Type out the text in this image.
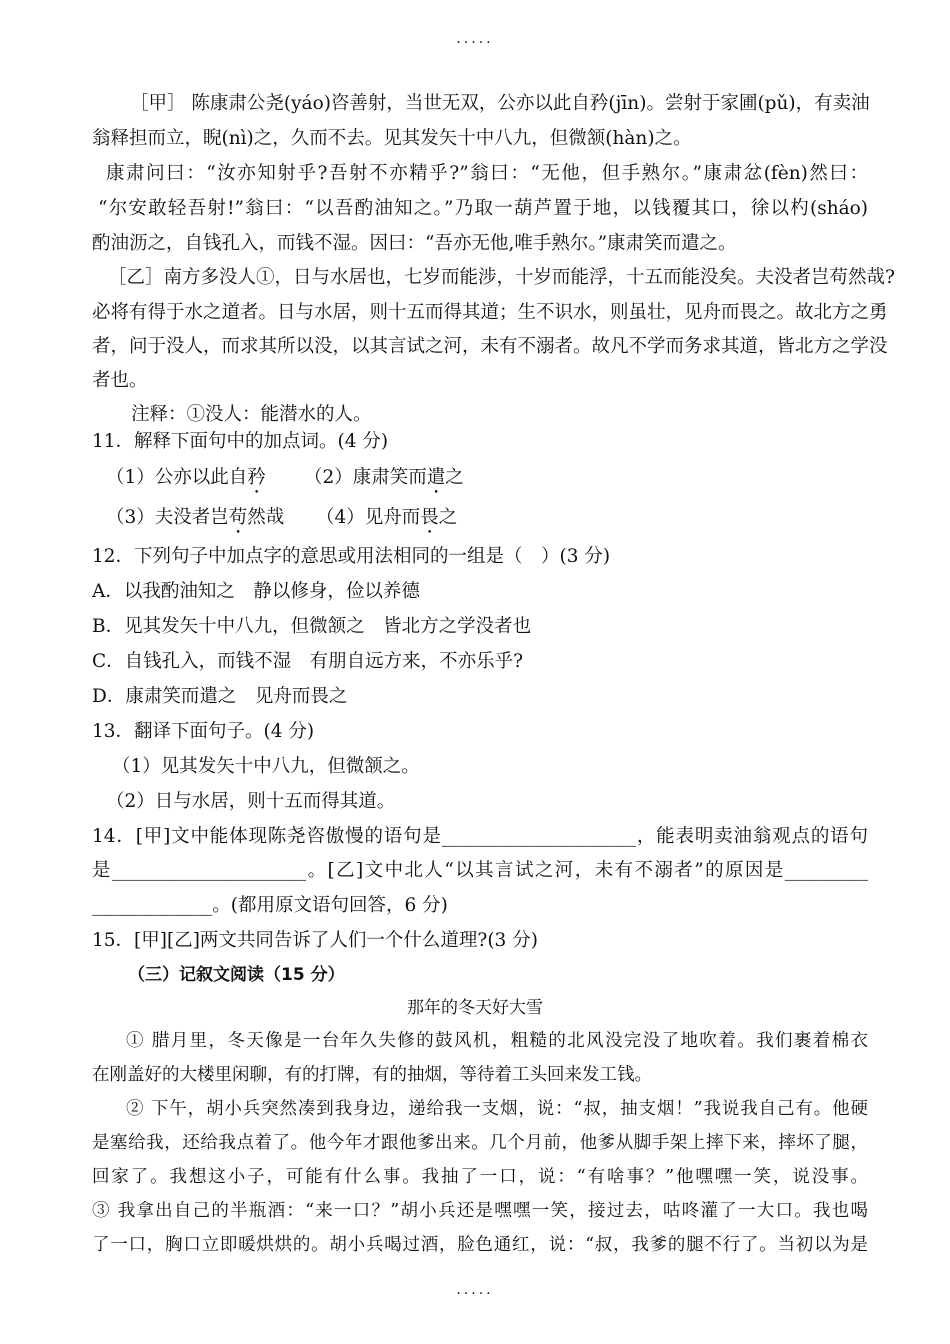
.....
［甲］ 陈康肃公尧(yáo)咨善射，当世无双，公亦以此自矜(jīn)。尝射于家圃(pǔ)，有卖油
翁释担而立，睨(nì)之，久而不去。见其发矢十中八九，但微颔(hàn)之。
康肃问曰：“汝亦知射乎?吾射不亦精乎?”翁曰：“无他，但手熟尔。”康肃忿(fèn)然曰：
“尔安敢轻吾射!”翁曰：“以吾酌油知之。”乃取一葫芦置于地，以钱覆其口，徐以杓(sháo)
酌油沥之，自钱孔入，而钱不湿。因曰：“吾亦无他,唯手熟尔。”康肃笑而遣之。
［乙］南方多没人①，日与水居也，七岁而能涉，十岁而能浮，十五而能没矣。夫没者岂苟然哉?
必将有得于水之道者。日与水居，则十五而得其道；生不识水，则虽壮，见舟而畏之。故北方之勇
者，问于没人，而求其所以没，以其言试之河，未有不溺者。故凡不学而务求其道，皆北方之学没
者也。
注释：①没人：能潜水的人。
11．解释下面句中的加点词。(4 分)
（1）公亦以此自矜	（2）康肃笑而遣之
（3）夫没者岂苟然哉	（4）见舟而畏之
12．下列句子中加点字的意思或用法相同的一组是（　）(3 分)
A．以我酌油知之　静以修身，俭以养德
B．见其发矢十中八九，但微颔之　皆北方之学没者也
C．自钱孔入，而钱不湿　有朋自远方来，不亦乐乎?
D．康肃笑而遣之　见舟而畏之
13．翻译下面句子。(4 分)
（1）见其发矢十中八九，但微颔之。
（2）日与水居，则十五而得其道。
14．[甲]文中能体现陈尧咨傲慢的语句是_____________________，能表明卖油翁观点的语句
是_____________________。[乙]文中北人“以其言试之河，未有不溺者”的原因是_________
_____________。(都用原文语句回答，6 分)
15．[甲][乙]两文共同告诉了人们一个什么道理?(3 分)
（三）记叙文阅读（15 分）
那年的冬天好大雪
① 腊月里，冬天像是一台年久失修的鼓风机，粗糙的北风没完没了地吹着。我们裹着棉衣
在刚盖好的大楼里闲聊，有的打牌，有的抽烟，等待着工头回来发工钱。
② 下午，胡小兵突然凑到我身边，递给我一支烟，说：“叔，抽支烟！”我说我自己有。他硬
是塞给我，还给我点着了。他今年才跟他爹出来。几个月前，他爹从脚手架上摔下来，摔坏了腿，
回家了。我想这小子，可能有什么事。我抽了一口，说：“有啥事？”他嘿嘿一笑，说没事。
③ 我拿出自己的半瓶酒：“来一口？”胡小兵还是嘿嘿一笑，接过去，咕咚灌了一大口。我也喝
了一口，胸口立即暖烘烘的。胡小兵喝过酒，脸色通红，说：“叔，我爹的腿不行了。当初以为是
.....
